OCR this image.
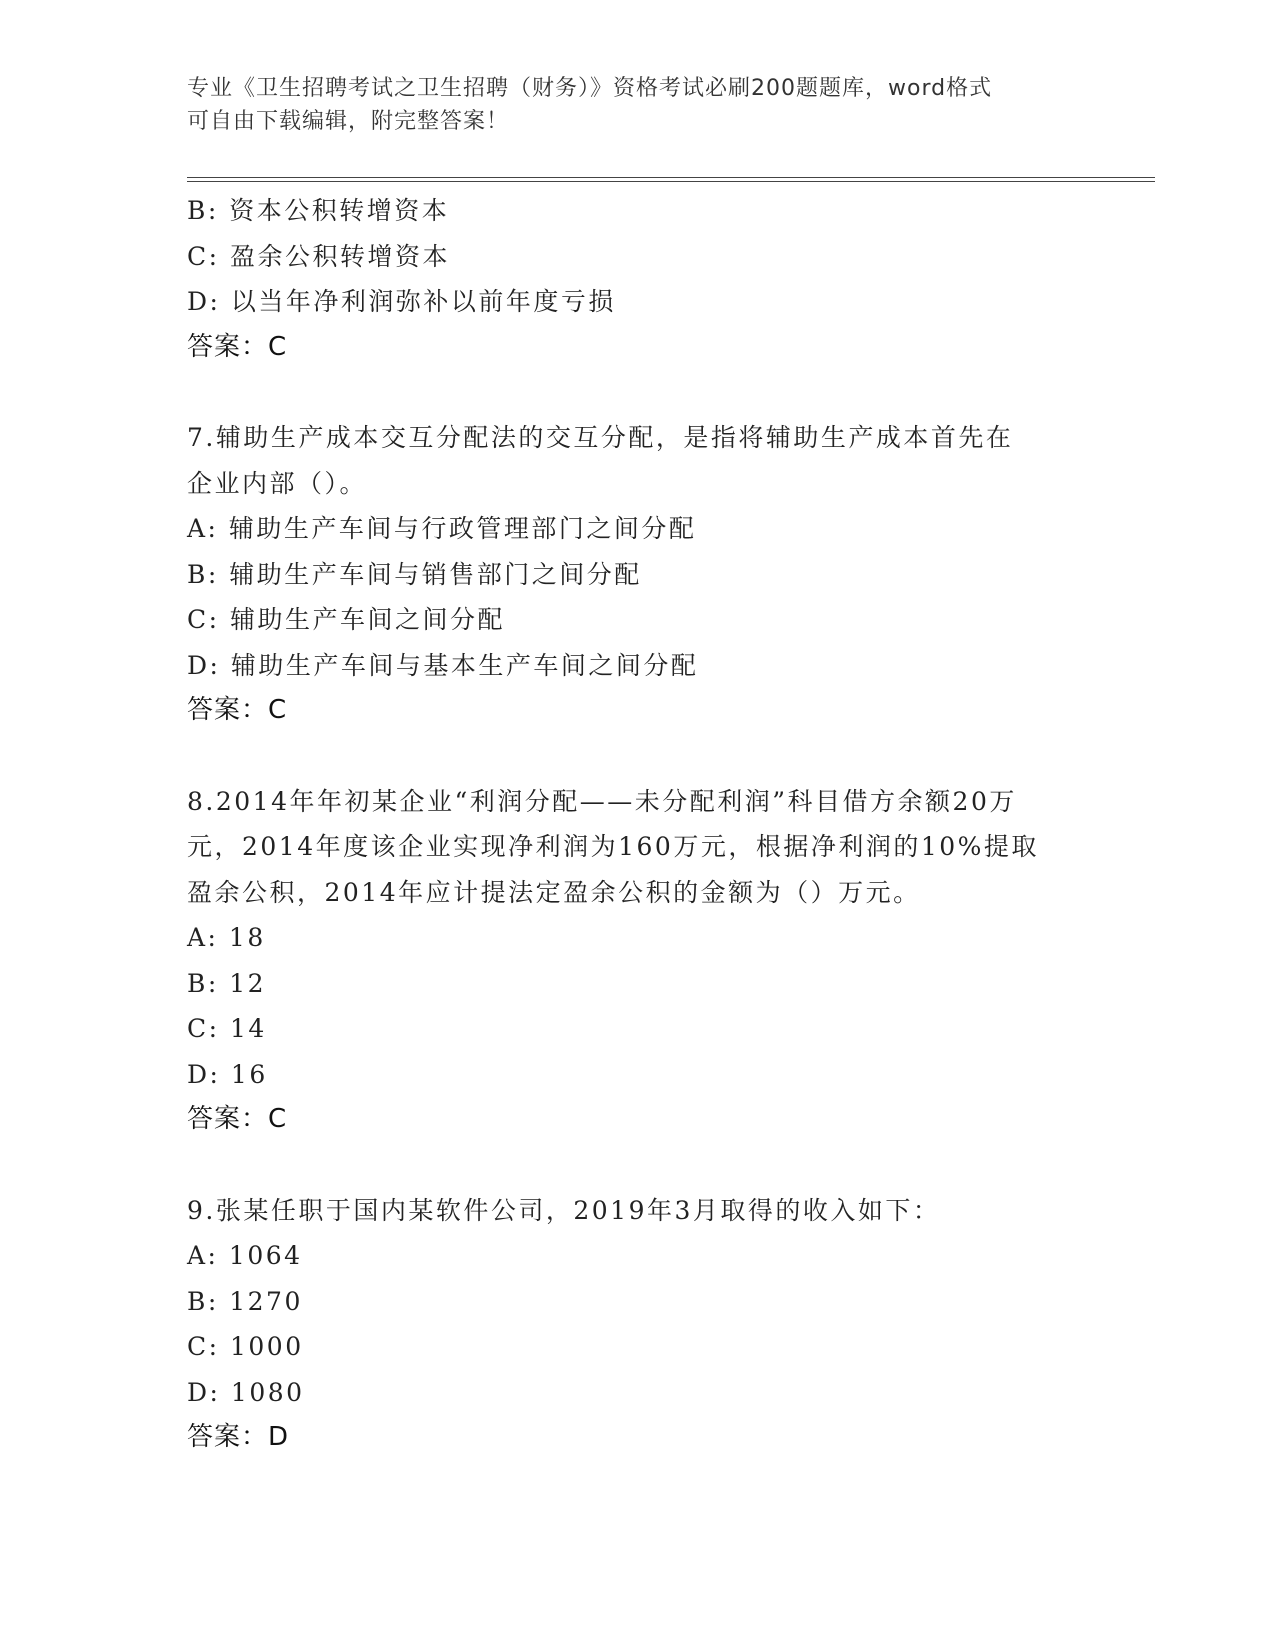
专业《卫生招聘考试之卫生招聘（财务）》资格考试必刷200题题库，word格式
可自由下载编辑，附完整答案！
B: 资本公积转增资本
C: 盈余公积转增资本
D: 以当年净利润弥补以前年度亏损
答案：C
7.辅助生产成本交互分配法的交互分配，是指将辅助生产成本首先在
企业内部（）。
A: 辅助生产车间与行政管理部门之间分配
B: 辅助生产车间与销售部门之间分配
C: 辅助生产车间之间分配
D: 辅助生产车间与基本生产车间之间分配
答案：C
8.2014年年初某企业“利润分配——未分配利润”科目借方余额20万
元，2014年度该企业实现净利润为160万元，根据净利润的10%提取
盈余公积，2014年应计提法定盈余公积的金额为（）万元。
A: 18
B: 12
C: 14
D: 16
答案：C
9.张某任职于国内某软件公司，2019年3月取得的收入如下：
A: 1064
B: 1270
C: 1000
D: 1080
答案：D
